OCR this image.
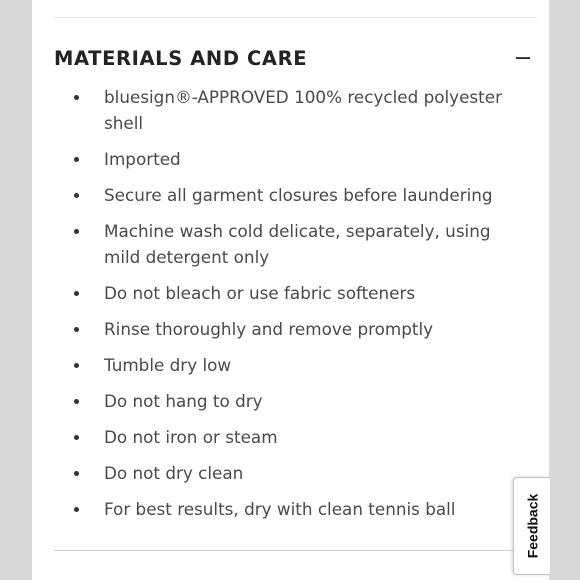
MATERIALS AND CARE
bluesign®-APPROVED 100% recycled polyester shell
Imported
Secure all garment closures before laundering
Machine wash cold delicate, separately, using mild detergent only
Do not bleach or use fabric softeners
Rinse thoroughly and remove promptly
Tumble dry low
Do not hang to dry
Do not iron or steam
Do not dry clean
For best results, dry with clean tennis ball	Feedback
